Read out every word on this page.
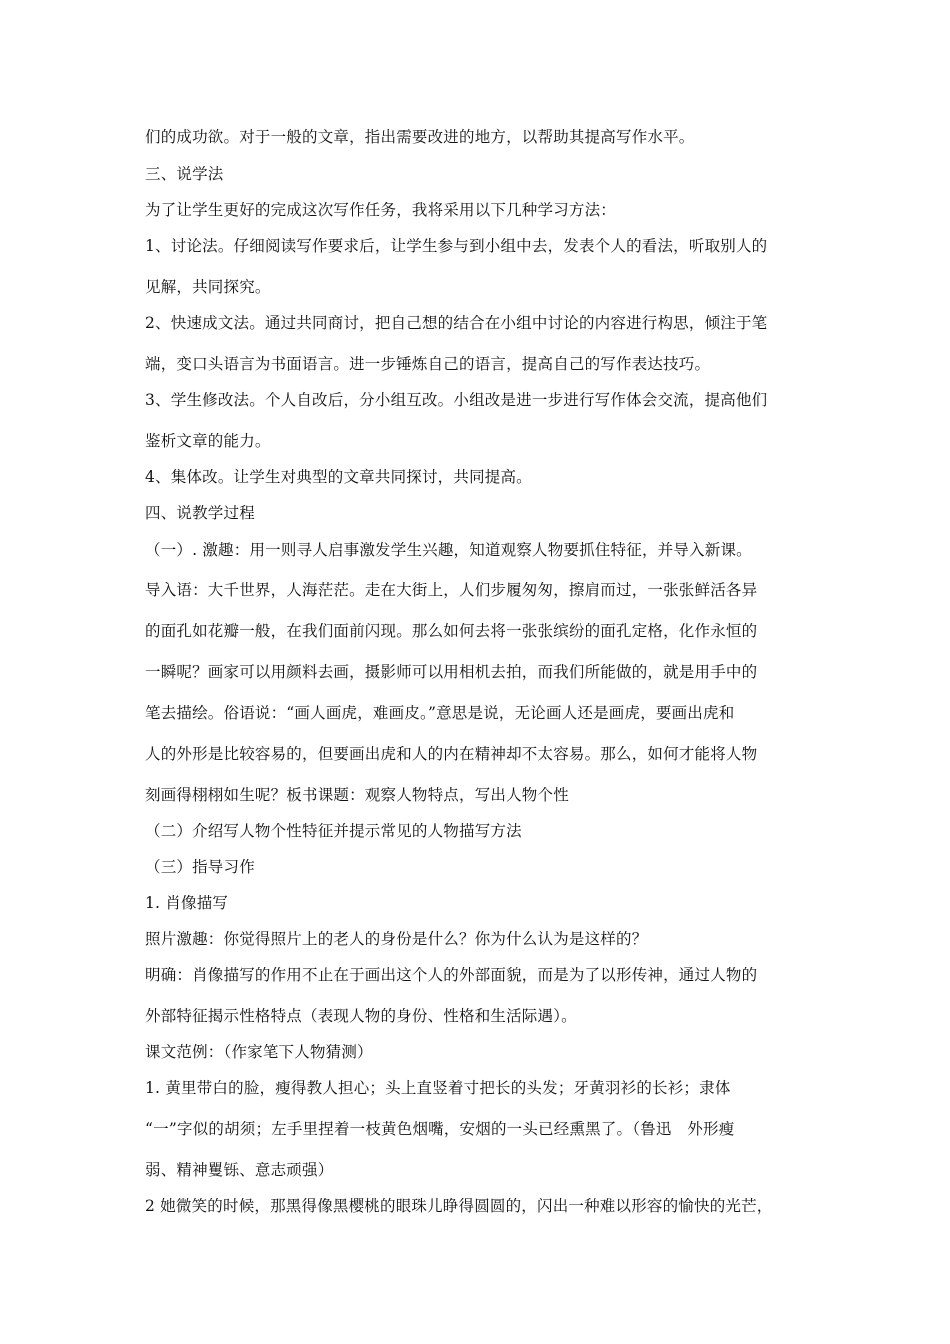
们的成功欲。对于一般的文章，指出需要改进的地方，以帮助其提高写作水平。
三、说学法
为了让学生更好的完成这次写作任务，我将采用以下几种学习方法：
1、讨论法。仔细阅读写作要求后，让学生参与到小组中去，发表个人的看法，听取别人的
见解，共同探究。
2、快速成文法。通过共同商讨，把自己想的结合在小组中讨论的内容进行构思，倾注于笔
端，变口头语言为书面语言。进一步锤炼自己的语言，提高自己的写作表达技巧。
3、学生修改法。个人自改后，分小组互改。小组改是进一步进行写作体会交流，提高他们
鉴析文章的能力。
4、集体改。让学生对典型的文章共同探讨，共同提高。
四、说教学过程
（一）. 激趣：用一则寻人启事激发学生兴趣，知道观察人物要抓住特征，并导入新课。
导入语：大千世界，人海茫茫。走在大街上，人们步履匆匆，擦肩而过，一张张鲜活各异
的面孔如花瓣一般，在我们面前闪现。那么如何去将一张张缤纷的面孔定格，化作永恒的
一瞬呢？画家可以用颜料去画，摄影师可以用相机去拍，而我们所能做的，就是用手中的
笔去描绘。俗语说：“画人画虎，难画皮。”意思是说，无论画人还是画虎，要画出虎和
人的外形是比较容易的，但要画出虎和人的内在精神却不太容易。那么，如何才能将人物
刻画得栩栩如生呢？板书课题：观察人物特点，写出人物个性
（二）介绍写人物个性特征并提示常见的人物描写方法
（三）指导习作
1. 肖像描写
照片激趣：你觉得照片上的老人的身份是什么？你为什么认为是这样的？
明确：肖像描写的作用不止在于画出这个人的外部面貌，而是为了以形传神，通过人物的
外部特征揭示性格特点（表现人物的身份、性格和生活际遇）。
课文范例：（作家笔下人物猜测）
1. 黄里带白的脸，瘦得教人担心；头上直竖着寸把长的头发；牙黄羽衫的长衫；隶体
“一”字似的胡须；左手里捏着一枝黄色烟嘴，安烟的一头已经熏黑了。（鲁迅　外形瘦
弱、精神矍铄、意志顽强）
2 她微笑的时候，那黑得像黑樱桃的眼珠儿睁得圆圆的，闪出一种难以形容的愉快的光芒，
